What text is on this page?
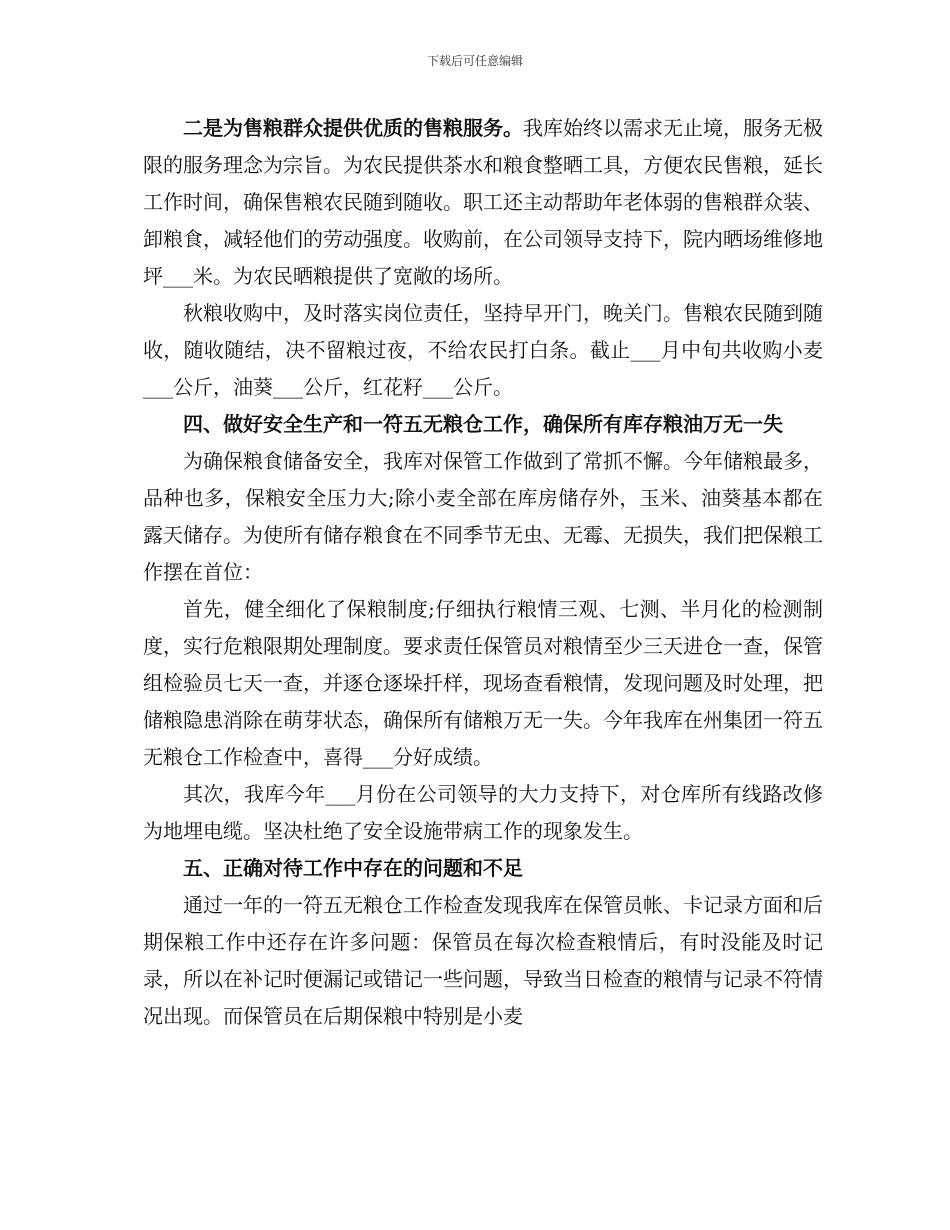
下载后可任意编辑

二是为售粮群众提供优质的售粮服务。我库始终以需求无止境，服务无极限的服务理念为宗旨。为农民提供茶水和粮食整晒工具，方便农民售粮，延长工作时间，确保售粮农民随到随收。职工还主动帮助年老体弱的售粮群众装、卸粮食，减轻他们的劳动强度。收购前，在公司领导支持下，院内晒场维修地坪___米。为农民晒粮提供了宽敞的场所。

秋粮收购中，及时落实岗位责任，坚持早开门，晚关门。售粮农民随到随收，随收随结，决不留粮过夜，不给农民打白条。截止___月中旬共收购小麦___公斤，油葵___公斤，红花籽___公斤。

四、做好安全生产和一符五无粮仓工作，确保所有库存粮油万无一失

为确保粮食储备安全，我库对保管工作做到了常抓不懈。今年储粮最多，品种也多，保粮安全压力大;除小麦全部在库房储存外，玉米、油葵基本都在露天储存。为使所有储存粮食在不同季节无虫、无霉、无损失，我们把保粮工作摆在首位：

首先，健全细化了保粮制度;仔细执行粮情三观、七测、半月化的检测制度，实行危粮限期处理制度。要求责任保管员对粮情至少三天进仓一查，保管组检验员七天一查，并逐仓逐垛扦样，现场查看粮情，发现问题及时处理，把储粮隐患消除在萌芽状态，确保所有储粮万无一失。今年我库在州集团一符五无粮仓工作检查中，喜得___分好成绩。

其次，我库今年___月份在公司领导的大力支持下，对仓库所有线路改修为地埋电缆。坚决杜绝了安全设施带病工作的现象发生。

五、正确对待工作中存在的问题和不足

通过一年的一符五无粮仓工作检查发现我库在保管员帐、卡记录方面和后期保粮工作中还存在许多问题：保管员在每次检查粮情后，有时没能及时记录，所以在补记时便漏记或错记一些问题，导致当日检查的粮情与记录不符情况出现。而保管员在后期保粮中特别是小麦
